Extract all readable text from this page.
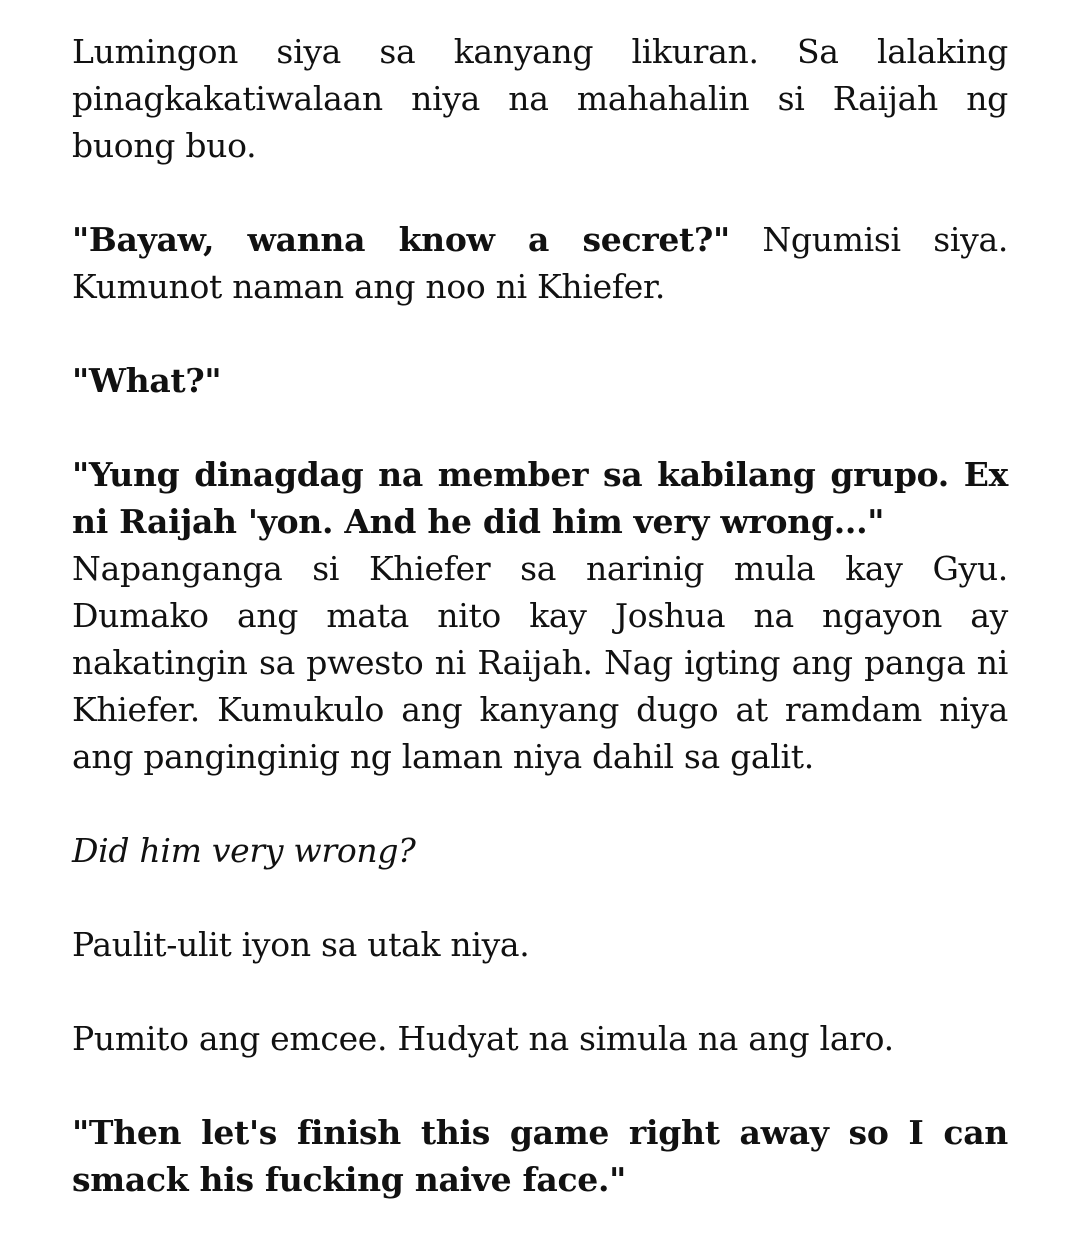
Lumingon siya sa kanyang likuran. Sa lalaking pinagkakatiwalaan niya na mahahalin si Raijah ng buong buo.

"Bayaw, wanna know a secret?" Ngumisi siya. Kumunot naman ang noo ni Khiefer.

"What?"

"Yung dinagdag na member sa kabilang grupo. Ex ni Raijah 'yon. And he did him very wrong..."

Napanganga si Khiefer sa narinig mula kay Gyu. Dumako ang mata nito kay Joshua na ngayon ay nakatingin sa pwesto ni Raijah. Nag igting ang panga ni Khiefer. Kumukulo ang kanyang dugo at ramdam niya ang panginginig ng laman niya dahil sa galit.

Did him very wrong?

Paulit-ulit iyon sa utak niya.

Pumito ang emcee. Hudyat na simula na ang laro.

"Then let's finish this game right away so I can smack his fucking naive face."
